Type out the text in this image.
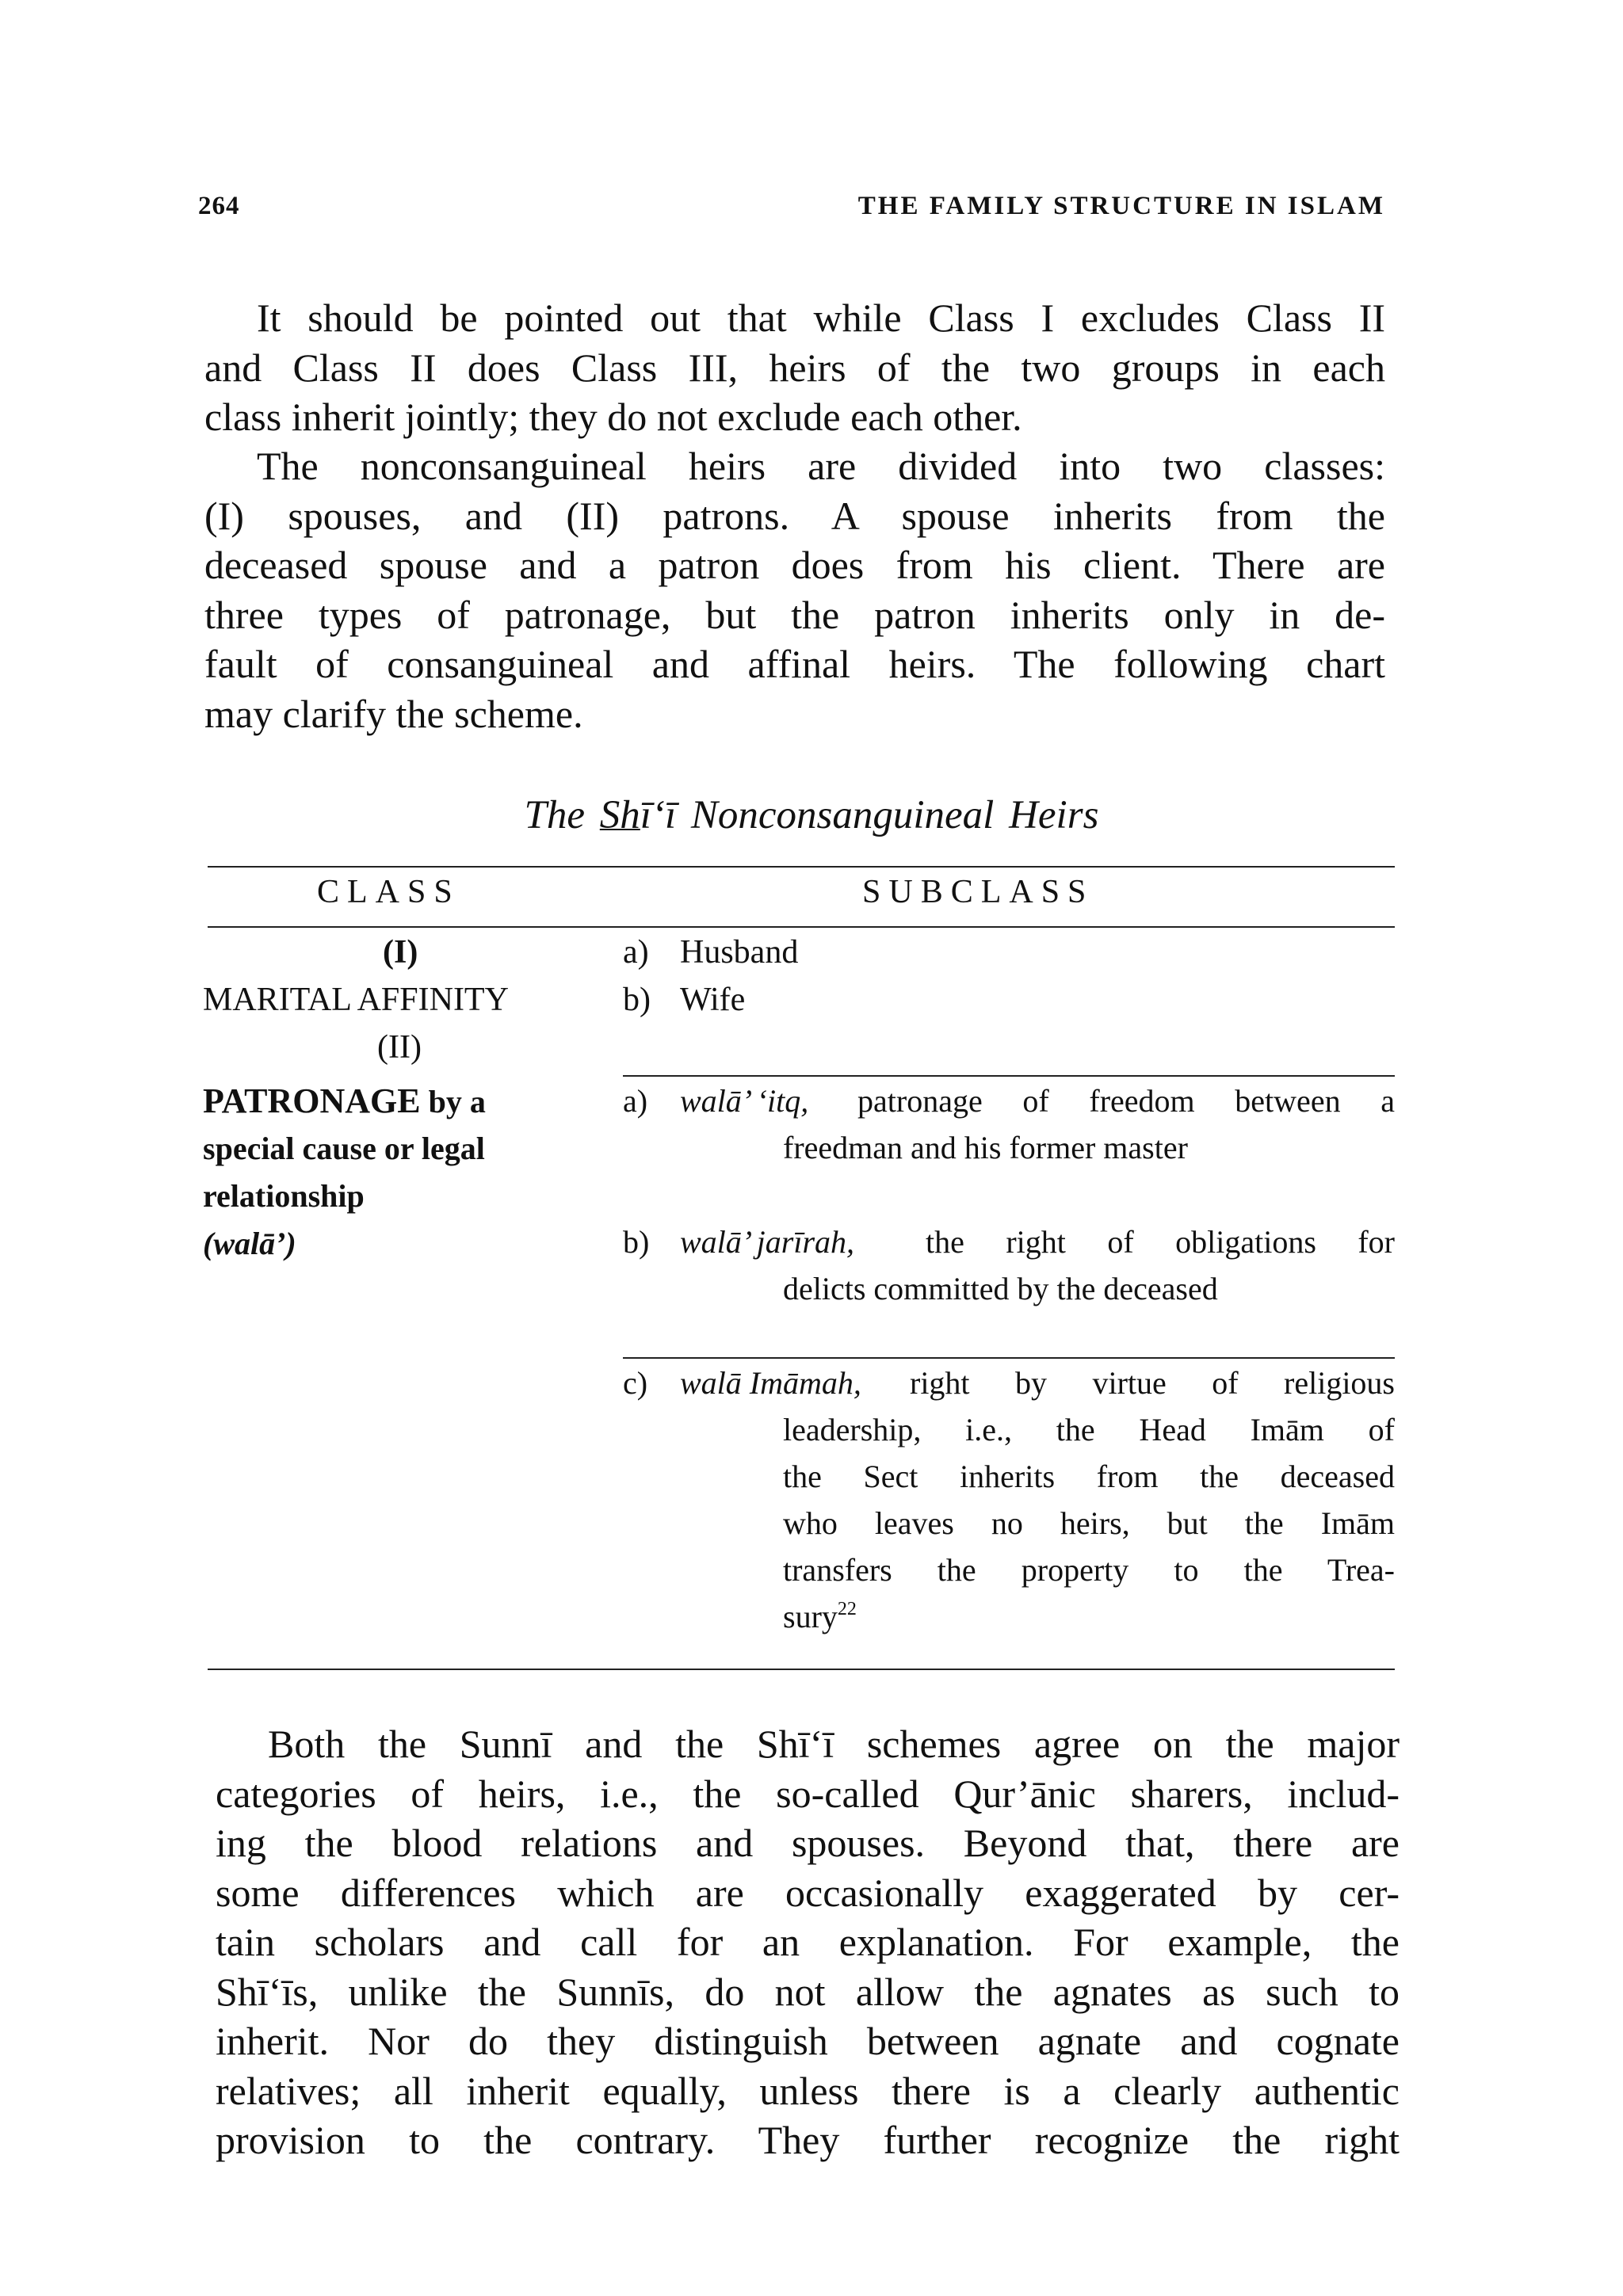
264	THE FAMILY STRUCTURE IN ISLAM
It should be pointed out that while Class I excludes Class II
and Class II does Class III, heirs of the two groups in each
class inherit jointly; they do not exclude each other.
The nonconsanguineal heirs are divided into two classes:
(I) spouses, and (II) patrons. A spouse inherits from the
deceased spouse and a patron does from his client. There are
three types of patronage, but the patron inherits only in de-
fault of consanguineal and affinal heirs. The following chart
may clarify the scheme.
The Shī‘ī Nonconsanguineal Heirs
CLASS	SUBCLASS
(I)
MARITAL AFFINITY
a) Husband
b) Wife
(II)
PATRONAGE by a
special cause or legal
relationship
(walā’)
a) walā’ ‘itq, patronage of freedom between a
freedman and his former master
b) walā’ jarīrah, the right of obligations for
delicts committed by the deceased
c) walā Imāmah, right by virtue of religious
leadership, i.e., the Head Imām of
the Sect inherits from the deceased
who leaves no heirs, but the Imām
transfers the property to the Trea-
sury$^{22}$
Both the Sunnī and the Shī‘ī schemes agree on the major
categories of heirs, i.e., the so-called Qur’ānic sharers, includ-
ing the blood relations and spouses. Beyond that, there are
some differences which are occasionally exaggerated by cer-
tain scholars and call for an explanation. For example, the
Shī‘īs, unlike the Sunnīs, do not allow the agnates as such to
inherit. Nor do they distinguish between agnate and cognate
relatives; all inherit equally, unless there is a clearly authentic
provision to the contrary. They further recognize the right
